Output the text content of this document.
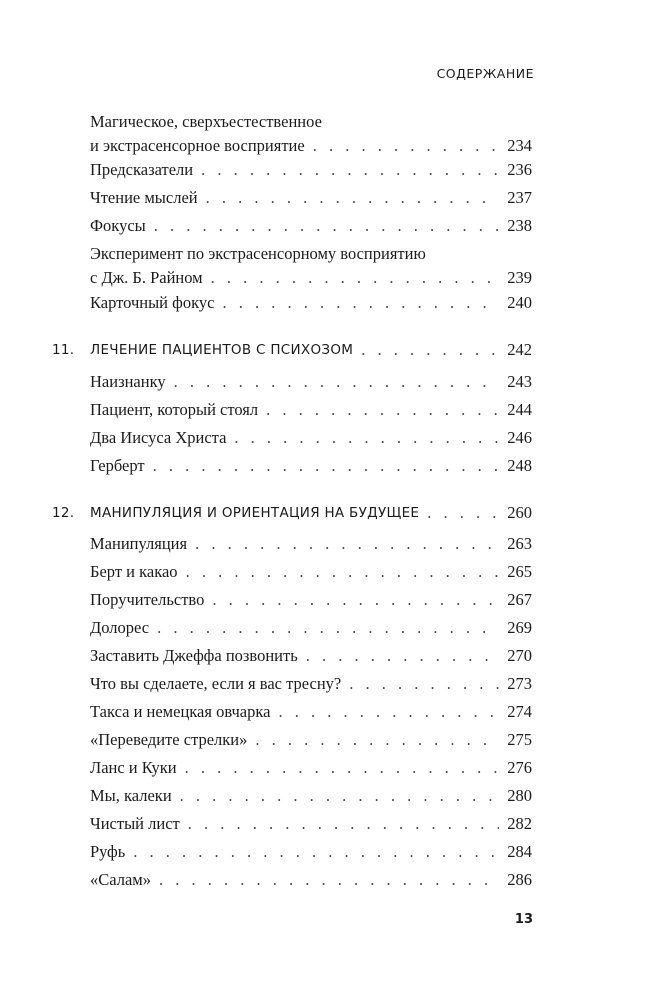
СОДЕРЖАНИЕ
Магическое, сверхъестественное
и экстрасенсорное восприятие . . .	234
Предсказатели . . .	236
Чтение мыслей . . .	237
Фокусы . . .	238
Эксперимент по экстрасенсорному восприятию
с Дж. Б. Райном . . .	239
Карточный фокус . . .	240
11. ЛЕЧЕНИЕ ПАЦИЕНТОВ С ПСИХОЗОМ . . .	242
Наизнанку . . .	243
Пациент, который стоял . . .	244
Два Иисуса Христа . . .	246
Герберт . . .	248
12. МАНИПУЛЯЦИЯ И ОРИЕНТАЦИЯ НА БУДУЩЕЕ . . .	260
Манипуляция . . .	263
Берт и какао . . .	265
Поручительство . . .	267
Долорес . . .	269
Заставить Джеффа позвонить . . .	270
Что вы сделаете, если я вас тресну? . . .	273
Такса и немецкая овчарка . . .	274
«Переведите стрелки» . . .	275
Ланс и Куки . . .	276
Мы, калеки . . .	280
Чистый лист . . .	282
Руфь . . .	284
«Салам» . . .	286
13
